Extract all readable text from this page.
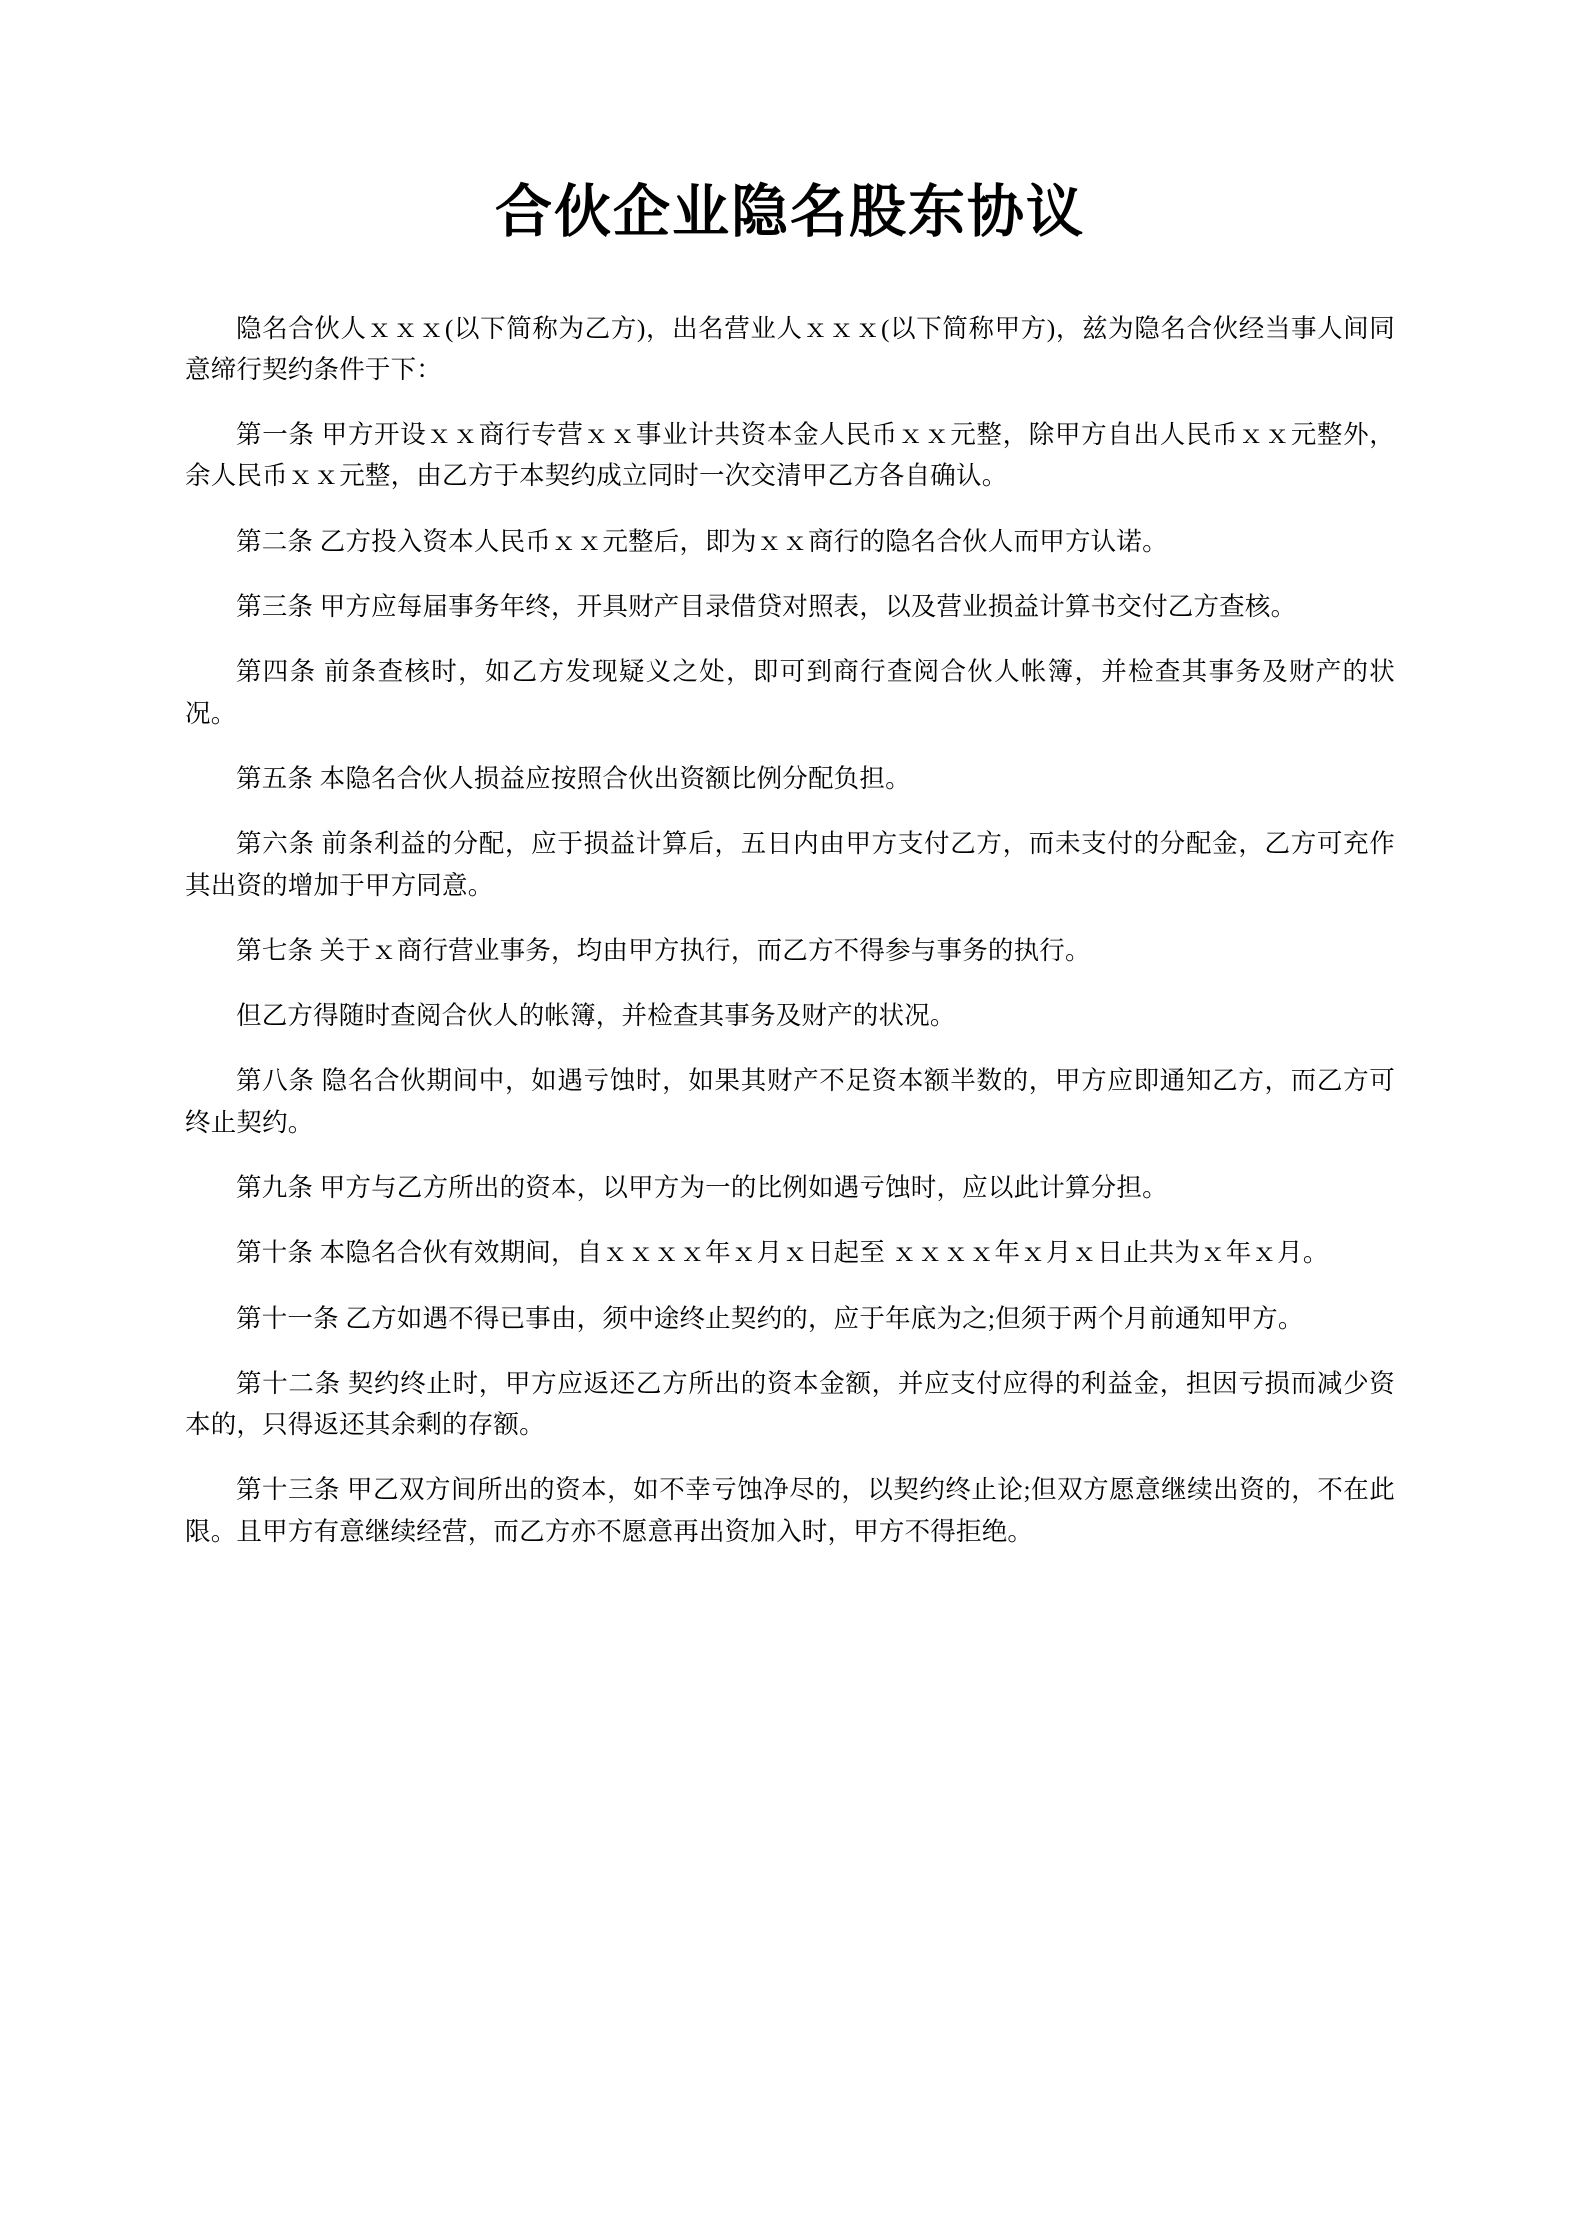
合伙企业隐名股东协议

隐名合伙人ｘｘｘ(以下简称为乙方)，出名营业人ｘｘｘ(以下简称甲方)，兹为隐名合伙经当事人间同意缔行契约条件于下：

第一条 甲方开设ｘｘ商行专营ｘｘ事业计共资本金人民币ｘｘ元整，除甲方自出人民币ｘｘ元整外，余人民币ｘｘ元整，由乙方于本契约成立同时一次交清甲乙方各自确认。

第二条 乙方投入资本人民币ｘｘ元整后，即为ｘｘ商行的隐名合伙人而甲方认诺。

第三条 甲方应每届事务年终，开具财产目录借贷对照表，以及营业损益计算书交付乙方查核。

第四条 前条查核时，如乙方发现疑义之处，即可到商行查阅合伙人帐簿，并检查其事务及财产的状况。

第五条 本隐名合伙人损益应按照合伙出资额比例分配负担。

第六条 前条利益的分配，应于损益计算后，五日内由甲方支付乙方，而未支付的分配金，乙方可充作其出资的增加于甲方同意。

第七条 关于ｘ商行营业事务，均由甲方执行，而乙方不得参与事务的执行。

但乙方得随时查阅合伙人的帐簿，并检查其事务及财产的状况。

第八条 隐名合伙期间中，如遇亏蚀时，如果其财产不足资本额半数的，甲方应即通知乙方，而乙方可终止契约。

第九条 甲方与乙方所出的资本，以甲方为一的比例如遇亏蚀时，应以此计算分担。

第十条 本隐名合伙有效期间，自ｘｘｘｘ年ｘ月ｘ日起至 ｘｘｘｘ年ｘ月ｘ日止共为ｘ年ｘ月。

第十一条 乙方如遇不得已事由，须中途终止契约的，应于年底为之;但须于两个月前通知甲方。

第十二条 契约终止时，甲方应返还乙方所出的资本金额，并应支付应得的利益金，担因亏损而减少资本的，只得返还其余剩的存额。

第十三条 甲乙双方间所出的资本，如不幸亏蚀净尽的，以契约终止论;但双方愿意继续出资的，不在此限。且甲方有意继续经营，而乙方亦不愿意再出资加入时，甲方不得拒绝。
